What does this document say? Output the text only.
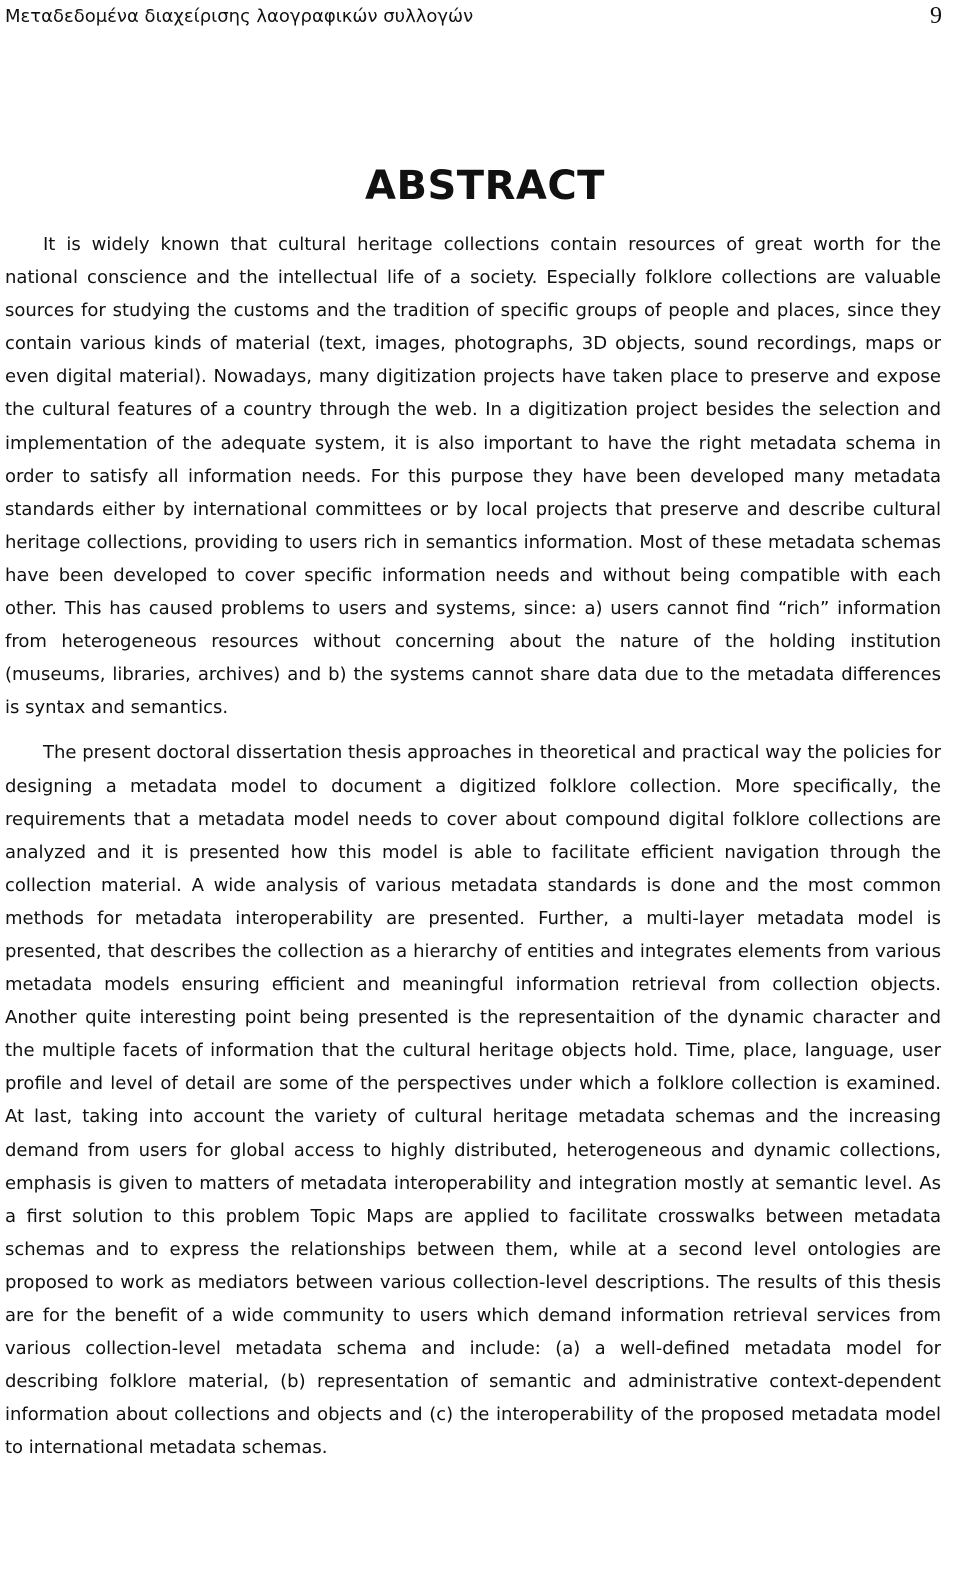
Μεταδεδομένα διαχείρισης λαογραφικών συλλογών	9
ABSTRACT

It is widely known that cultural heritage collections contain resources of great worth for the national conscience and the intellectual life of a society. Especially folklore collections are valuable sources for studying the customs and the tradition of specific groups of people and places, since they contain various kinds of material (text, images, photographs, 3D objects, sound recordings, maps or even digital material). Nowadays, many digitization projects have taken place to preserve and expose the cultural features of a country through the web. In a digitization project besides the selection and implementation of the adequate system, it is also important to have the right metadata schema in order to satisfy all information needs. For this purpose they have been developed many metadata standards either by international committees or by local projects that preserve and describe cultural heritage collections, providing to users rich in semantics information. Most of these metadata schemas have been developed to cover specific information needs and without being compatible with each other. This has caused problems to users and systems, since: a) users cannot find “rich” information from heterogeneous resources without concerning about the nature of the holding institution (museums, libraries, archives) and b) the systems cannot share data due to the metadata differences is syntax and semantics.

The present doctoral dissertation thesis approaches in theoretical and practical way the policies for designing a metadata model to document a digitized folklore collection. More specifically, the requirements that a metadata model needs to cover about compound digital folklore collections are analyzed and it is presented how this model is able to facilitate efficient navigation through the collection material. A wide analysis of various metadata standards is done and the most common methods for metadata interoperability are presented. Further, a multi-layer metadata model is presented, that describes the collection as a hierarchy of entities and integrates elements from various metadata models ensuring efficient and meaningful information retrieval from collection objects. Another quite interesting point being presented is the representaition of the dynamic character and the multiple facets of information that the cultural heritage objects hold. Time, place, language, user profile and level of detail are some of the perspectives under which a folklore collection is examined. At last, taking into account the variety of cultural heritage metadata schemas and the increasing demand from users for global access to highly distributed, heterogeneous and dynamic collections, emphasis is given to matters of metadata interoperability and integration mostly at semantic level. As a first solution to this problem Topic Maps are applied to facilitate crosswalks between metadata schemas and to express the relationships between them, while at a second level ontologies are proposed to work as mediators between various collection-level descriptions. The results of this thesis are for the benefit of a wide community to users which demand information retrieval services from various collection-level metadata schema and include: (a) a well-defined metadata model for describing folklore material, (b) representation of semantic and administrative context-dependent information about collections and objects and (c) the interoperability of the proposed metadata model to international metadata schemas.
